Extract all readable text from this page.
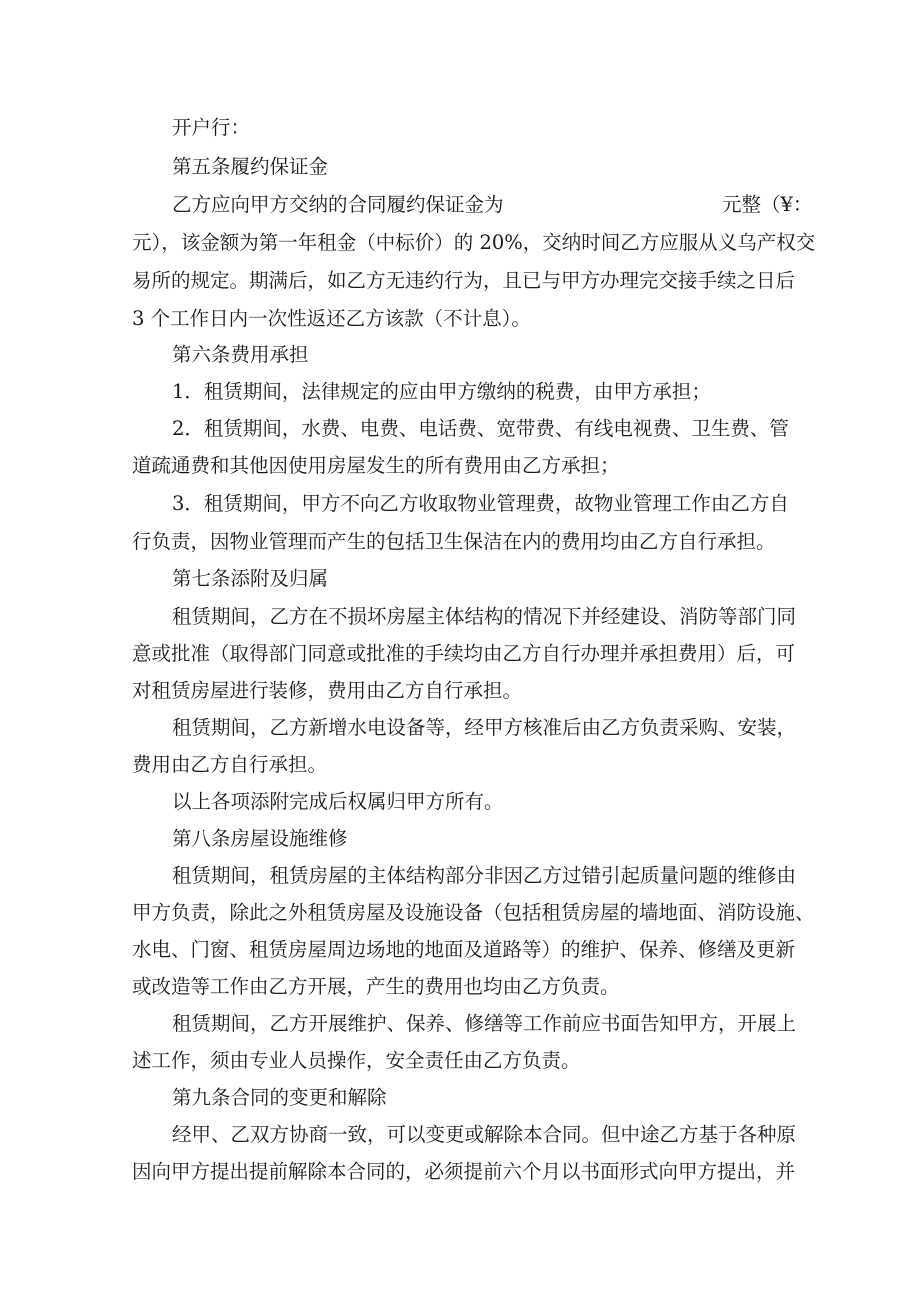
开户行：
第五条履约保证金
乙方应向甲方交纳的合同履约保证金为	元整（¥：
元），该金额为第一年租金（中标价）的 20%，交纳时间乙方应服从义乌产权交
易所的规定。期满后，如乙方无违约行为，且已与甲方办理完交接手续之日后
3 个工作日内一次性返还乙方该款（不计息）。
第六条费用承担
1．租赁期间，法律规定的应由甲方缴纳的税费，由甲方承担；
2．租赁期间，水费、电费、电话费、宽带费、有线电视费、卫生费、管
道疏通费和其他因使用房屋发生的所有费用由乙方承担；
3．租赁期间，甲方不向乙方收取物业管理费，故物业管理工作由乙方自
行负责，因物业管理而产生的包括卫生保洁在内的费用均由乙方自行承担。
第七条添附及归属
租赁期间，乙方在不损坏房屋主体结构的情况下并经建设、消防等部门同
意或批准（取得部门同意或批准的手续均由乙方自行办理并承担费用）后，可
对租赁房屋进行装修，费用由乙方自行承担。
租赁期间，乙方新增水电设备等，经甲方核准后由乙方负责采购、安装，
费用由乙方自行承担。
以上各项添附完成后权属归甲方所有。
第八条房屋设施维修
租赁期间，租赁房屋的主体结构部分非因乙方过错引起质量问题的维修由
甲方负责，除此之外租赁房屋及设施设备（包括租赁房屋的墙地面、消防设施、
水电、门窗、租赁房屋周边场地的地面及道路等）的维护、保养、修缮及更新
或改造等工作由乙方开展，产生的费用也均由乙方负责。
租赁期间，乙方开展维护、保养、修缮等工作前应书面告知甲方，开展上
述工作，须由专业人员操作，安全责任由乙方负责。
第九条合同的变更和解除
经甲、乙双方协商一致，可以变更或解除本合同。但中途乙方基于各种原
因向甲方提出提前解除本合同的，必须提前六个月以书面形式向甲方提出，并
